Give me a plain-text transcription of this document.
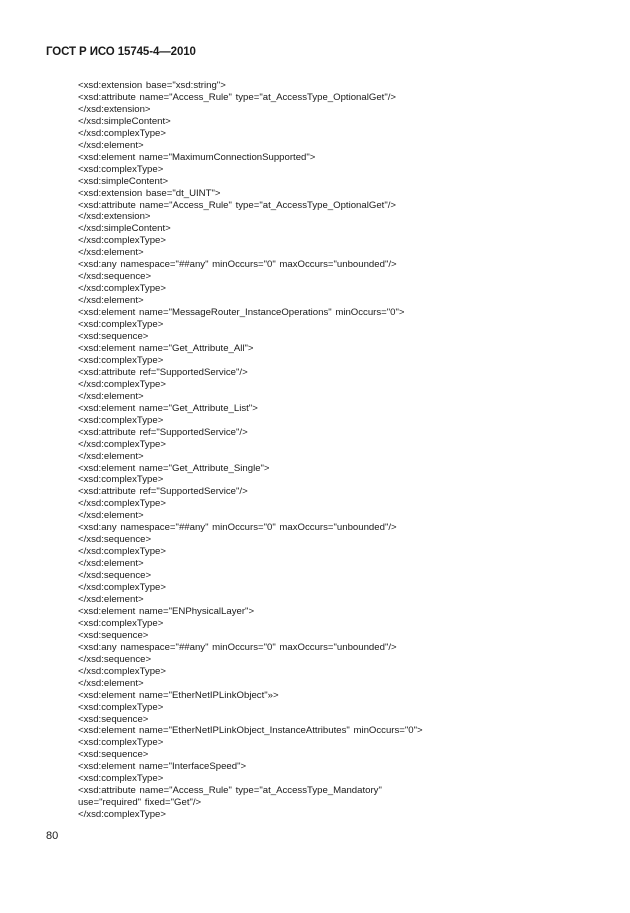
ГОСТ Р ИСО 15745-4—2010
<xsd:extension base="xsd:string">
<xsd:attribute name="Access_Rule" type="at_AccessType_OptionalGet"/>
</xsd:extension>
</xsd:simpleContent>
</xsd:complexType>
</xsd:element>
<xsd:element name="MaximumConnectionSupported">
<xsd:complexType>
<xsd:simpleContent>
<xsd:extension base="dt_UINT">
<xsd:attribute name="Access_Rule" type="at_AccessType_OptionalGet"/>
</xsd:extension>
</xsd:simpleContent>
</xsd:complexType>
</xsd:element>
<xsd:any namespace="##any" minOccurs="0" maxOccurs="unbounded"/>
</xsd:sequence>
</xsd:complexType>
</xsd:element>
<xsd:element name="MessageRouter_InstanceOperations" minOccurs="0">
<xsd:complexType>
<xsd:sequence>
<xsd:element name="Get_Attribute_All">
<xsd:complexType>
<xsd:attribute ref="SupportedService"/>
</xsd:complexType>
</xsd:element>
<xsd:element name="Get_Attribute_List">
<xsd:complexType>
<xsd:attribute ref="SupportedService"/>
</xsd:complexType>
</xsd:element>
<xsd:element name="Get_Attribute_Single">
<xsd:complexType>
<xsd:attribute ref="SupportedService"/>
</xsd:complexType>
</xsd:element>
<xsd:any namespace="##any" minOccurs="0" maxOccurs="unbounded"/>
</xsd:sequence>
</xsd:complexType>
</xsd:element>
</xsd:sequence>
</xsd:complexType>
</xsd:element>
<xsd:element name="ENPhysicalLayer">
<xsd:complexType>
<xsd:sequence>
<xsd:any namespace="##any" minOccurs="0" maxOccurs="unbounded"/>
</xsd:sequence>
</xsd:complexType>
</xsd:element>
<xsd:element name="EtherNetIPLinkObject"»>
<xsd:complexType>
<xsd:sequence>
<xsd:element name="EtherNetIPLinkObject_InstanceAttributes" minOccurs="0">
<xsd:complexType>
<xsd:sequence>
<xsd:element name="InterfaceSpeed">
<xsd:complexType>
<xsd:attribute name="Access_Rule" type="at_AccessType_Mandatory"
use="required" fixed="Get"/>
</xsd:complexType>
80
